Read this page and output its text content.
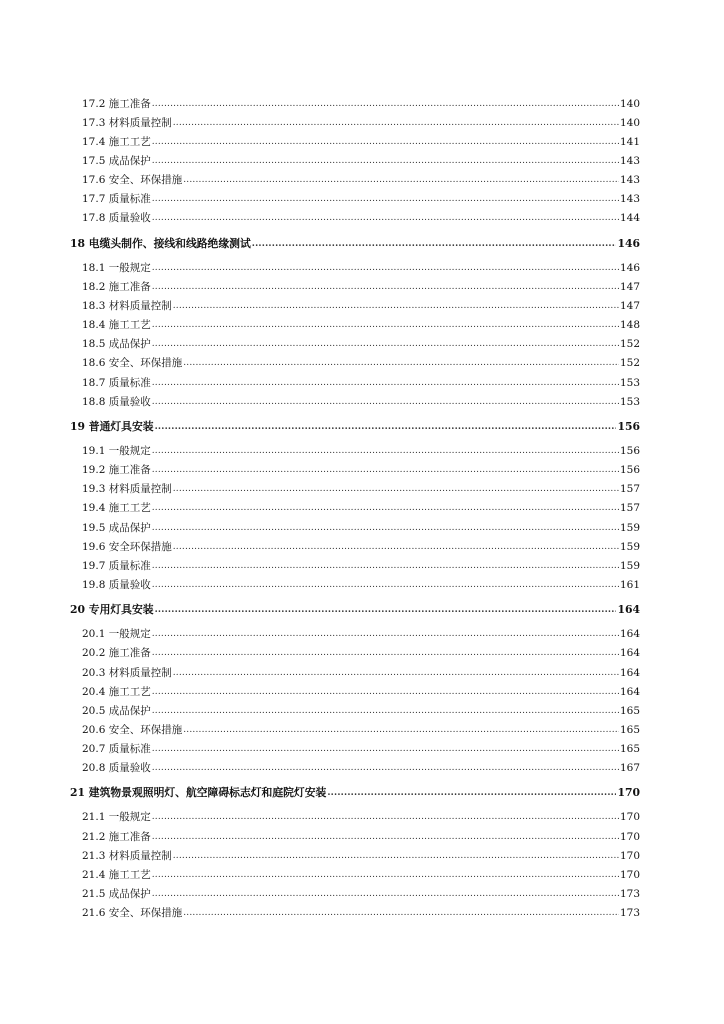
17.2 施工准备 .....	140
17.3 材料质量控制 .....	140
17.4 施工工艺 .....	141
17.5 成品保护 .....	143
17.6 安全、环保措施 .....	143
17.7 质量标准 .....	143
17.8 质量验收 .....	144
18 电缆头制作、接线和线路绝缘测试 .....	146
18.1 一般规定 .....	146
18.2 施工准备 .....	147
18.3 材料质量控制 .....	147
18.4 施工工艺 .....	148
18.5 成品保护 .....	152
18.6 安全、环保措施 .....	152
18.7 质量标准 .....	153
18.8 质量验收 .....	153
19 普通灯具安装 .....	156
19.1 一般规定 .....	156
19.2 施工准备 .....	156
19.3 材料质量控制 .....	157
19.4 施工工艺 .....	157
19.5 成品保护 .....	159
19.6 安全环保措施 .....	159
19.7 质量标准 .....	159
19.8 质量验收 .....	161
20 专用灯具安装 .....	164
20.1 一般规定 .....	164
20.2 施工准备 .....	164
20.3 材料质量控制 .....	164
20.4 施工工艺 .....	164
20.5 成品保护 .....	165
20.6 安全、环保措施 .....	165
20.7 质量标准 .....	165
20.8 质量验收 .....	167
21 建筑物景观照明灯、航空障碍标志灯和庭院灯安装 .....	170
21.1 一般规定 .....	170
21.2 施工准备 .....	170
21.3 材料质量控制 .....	170
21.4 施工工艺 .....	170
21.5 成品保护 .....	173
21.6 安全、环保措施 .....	173
